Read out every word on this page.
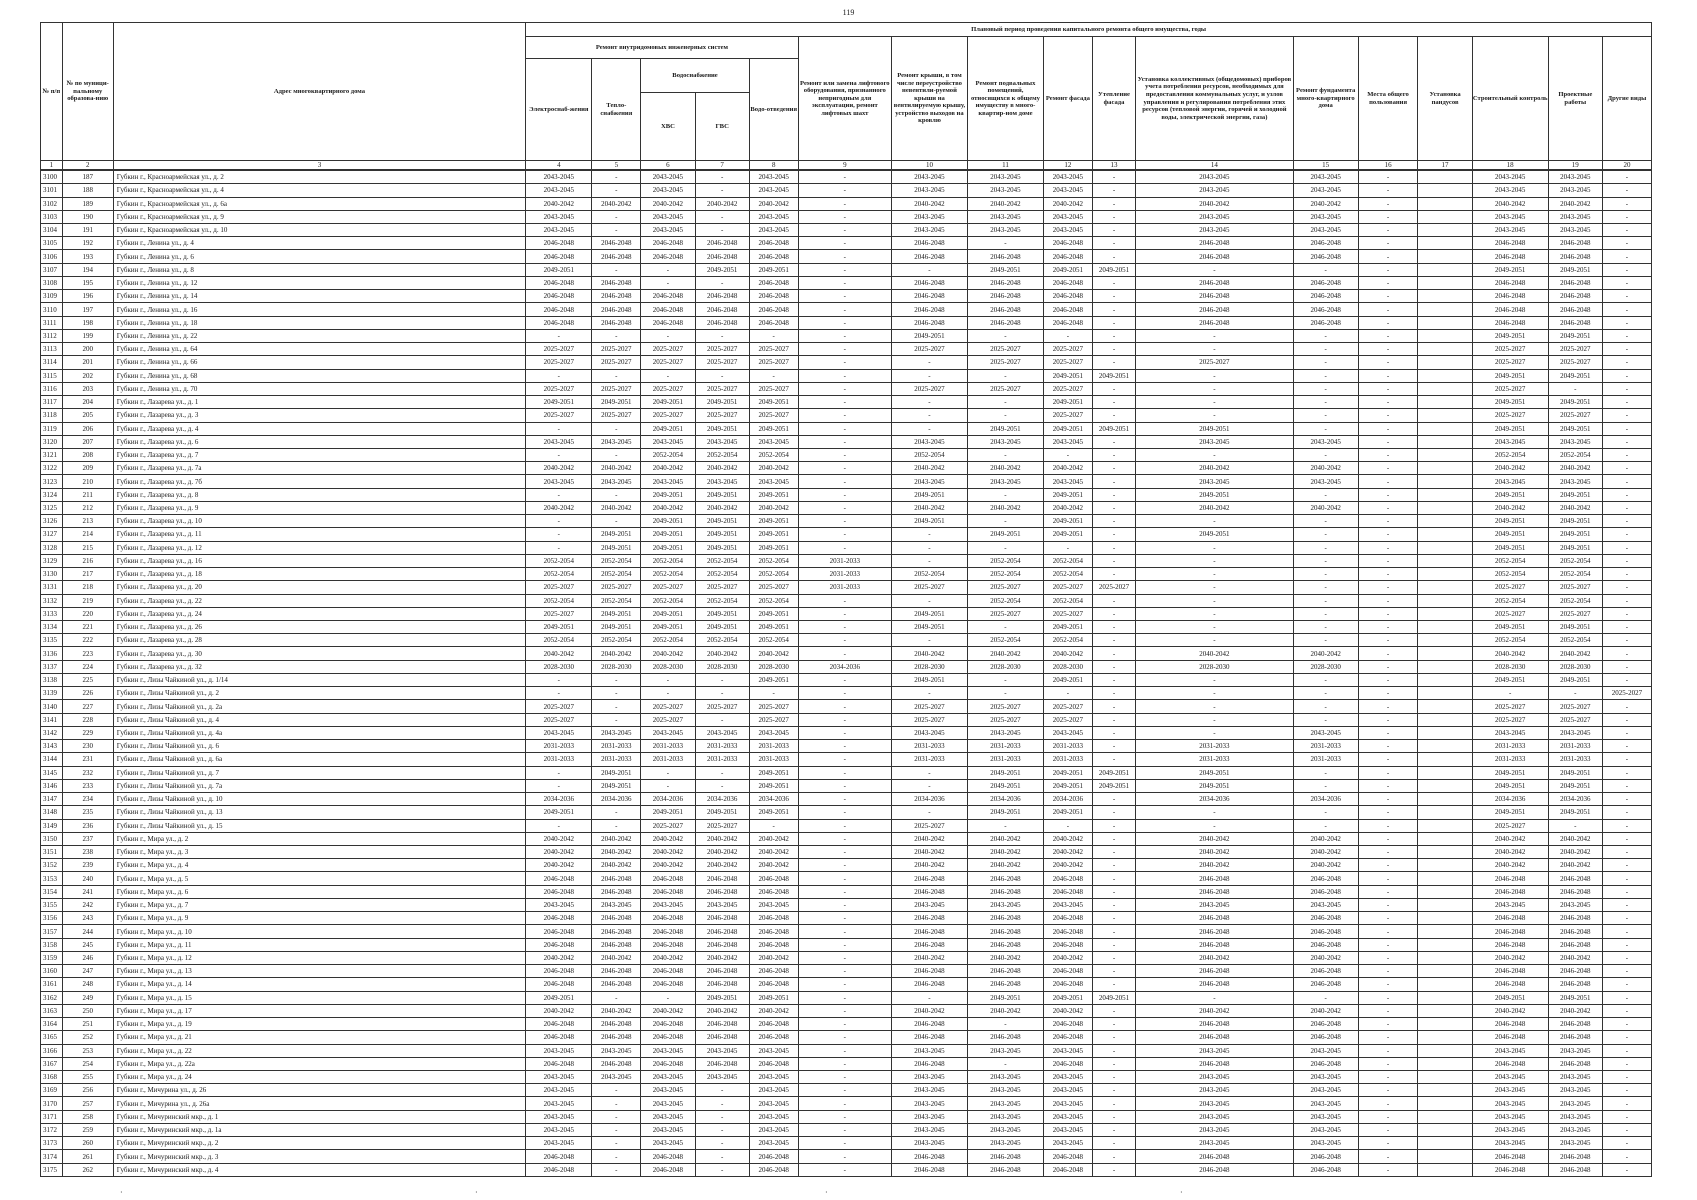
119
№ п/п	№ по муници-пальному образова-нию	Адрес многоквартирного дома	Плановый период проведения капитального ремонта общего имущества, годы																
			Ремонт внутридомовых инженерных систем					Ремонт или замена лифтового оборудования, признанного непригодным для эксплуатации, ремонт лифтовых шахт	Ремонт крыши, в том числе переустройство невентили-руемой крыши на вентилируемую крышу, устройство выходов на кровлю	Ремонт подвальных помещений, относящихся к общему имуществу в много-квартир-ном доме	Ремонт фасада	Утепление фасада	Установка коллективных (общедомовых) приборов учета потребления ресурсов, необходимых для предоставления коммунальных услуг, и узлов управления и регулирования потребления этих ресурсов (тепловой энергии, горячей и холодной воды, электрической энергии, газа)	Ремонт фундамента много-квартирного дома	Места общего пользования	Установка пандусов	Строительный контроль	Проектные работы	Другие виды
			Электроснаб-жения	Тепло-снабжения	Водоснабжение		Водо-отведения												
					ХВС	ГВС													
1	2	3	4	5	6	7	8	9	10	11	12	13	14	15	16	17	18	19	20
3100	187	Губкин г., Красноармейская ул., д. 2	2043-2045	-	2043-2045	-	2043-2045	-	2043-2045	2043-2045	2043-2045	-	2043-2045	2043-2045	-		2043-2045	2043-2045	-
3101	188	Губкин г., Красноармейская ул., д. 4	2043-2045	-	2043-2045	-	2043-2045	-	2043-2045	2043-2045	2043-2045	-	2043-2045	2043-2045	-		2043-2045	2043-2045	-
3102	189	Губкин г., Красноармейская ул., д. 6а	2040-2042	2040-2042	2040-2042	2040-2042	2040-2042	-	2040-2042	2040-2042	2040-2042	-	2040-2042	2040-2042	-		2040-2042	2040-2042	-
3103	190	Губкин г., Красноармейская ул., д. 9	2043-2045	-	2043-2045	-	2043-2045	-	2043-2045	2043-2045	2043-2045	-	2043-2045	2043-2045	-		2043-2045	2043-2045	-
3104	191	Губкин г., Красноармейская ул., д. 10	2043-2045	-	2043-2045	-	2043-2045	-	2043-2045	2043-2045	2043-2045	-	2043-2045	2043-2045	-		2043-2045	2043-2045	-
3105	192	Губкин г., Ленина ул., д. 4	2046-2048	2046-2048	2046-2048	2046-2048	2046-2048	-	2046-2048	-	2046-2048	-	2046-2048	2046-2048	-		2046-2048	2046-2048	-
3106	193	Губкин г., Ленина ул., д. 6	2046-2048	2046-2048	2046-2048	2046-2048	2046-2048	-	2046-2048	2046-2048	2046-2048	-	2046-2048	2046-2048	-		2046-2048	2046-2048	-
3107	194	Губкин г., Ленина ул., д. 8	2049-2051	-	-	2049-2051	2049-2051	-	-	2049-2051	2049-2051	2049-2051	-	-	-		2049-2051	2049-2051	-
3108	195	Губкин г., Ленина ул., д. 12	2046-2048	2046-2048	-	-	2046-2048	-	2046-2048	2046-2048	2046-2048	-	2046-2048	2046-2048	-		2046-2048	2046-2048	-
3109	196	Губкин г., Ленина ул., д. 14	2046-2048	2046-2048	2046-2048	2046-2048	2046-2048	-	2046-2048	2046-2048	2046-2048	-	2046-2048	2046-2048	-		2046-2048	2046-2048	-
3110	197	Губкин г., Ленина ул., д. 16	2046-2048	2046-2048	2046-2048	2046-2048	2046-2048	-	2046-2048	2046-2048	2046-2048	-	2046-2048	2046-2048	-		2046-2048	2046-2048	-
3111	198	Губкин г., Ленина ул., д. 18	2046-2048	2046-2048	2046-2048	2046-2048	2046-2048	-	2046-2048	2046-2048	2046-2048	-	2046-2048	2046-2048	-		2046-2048	2046-2048	-
3112	199	Губкин г., Ленина ул., д. 22	-	-	-	-	-	-	2049-2051	-	-	-	-	-	-		2049-2051	2049-2051	-
3113	200	Губкин г., Ленина ул., д. 64	2025-2027	2025-2027	2025-2027	2025-2027	2025-2027	-	2025-2027	2025-2027	2025-2027	-	-	-	-		2025-2027	2025-2027	-
3114	201	Губкин г., Ленина ул., д. 66	2025-2027	2025-2027	2025-2027	2025-2027	2025-2027	-	-	2025-2027	2025-2027	-	2025-2027	-	-		2025-2027	2025-2027	-
3115	202	Губкин г., Ленина ул., д. 68	-	-	-	-	-	-	-	-	2049-2051	2049-2051	-	-	-		2049-2051	2049-2051	-
3116	203	Губкин г., Ленина ул., д. 70	2025-2027	2025-2027	2025-2027	2025-2027	2025-2027	-	2025-2027	2025-2027	2025-2027	-	-	-	-		2025-2027	-	-
3117	204	Губкин г., Лазарева ул., д. 1	2049-2051	2049-2051	2049-2051	2049-2051	2049-2051	-	-	-	2049-2051	-	-	-	-		2049-2051	2049-2051	-
3118	205	Губкин г., Лазарева ул., д. 3	2025-2027	2025-2027	2025-2027	2025-2027	2025-2027	-	-	-	2025-2027	-	-	-	-		2025-2027	2025-2027	-
3119	206	Губкин г., Лазарева ул., д. 4	-	-	2049-2051	2049-2051	2049-2051	-	-	2049-2051	2049-2051	2049-2051	2049-2051	-	-		2049-2051	2049-2051	-
3120	207	Губкин г., Лазарева ул., д. 6	2043-2045	2043-2045	2043-2045	2043-2045	2043-2045	-	2043-2045	2043-2045	2043-2045	-	2043-2045	2043-2045	-		2043-2045	2043-2045	-
3121	208	Губкин г., Лазарева ул., д. 7	-	-	2052-2054	2052-2054	2052-2054	-	2052-2054	-	-	-	-	-	-		2052-2054	2052-2054	-
3122	209	Губкин г., Лазарева ул., д. 7а	2040-2042	2040-2042	2040-2042	2040-2042	2040-2042	-	2040-2042	2040-2042	2040-2042	-	2040-2042	2040-2042	-		2040-2042	2040-2042	-
3123	210	Губкин г., Лазарева ул., д. 7б	2043-2045	2043-2045	2043-2045	2043-2045	2043-2045	-	2043-2045	2043-2045	2043-2045	-	2043-2045	2043-2045	-		2043-2045	2043-2045	-
3124	211	Губкин г., Лазарева ул., д. 8	-	-	2049-2051	2049-2051	2049-2051	-	2049-2051	-	2049-2051	-	2049-2051	-	-		2049-2051	2049-2051	-
3125	212	Губкин г., Лазарева ул., д. 9	2040-2042	2040-2042	2040-2042	2040-2042	2040-2042	-	2040-2042	2040-2042	2040-2042	-	2040-2042	2040-2042	-		2040-2042	2040-2042	-
3126	213	Губкин г., Лазарева ул., д. 10	-	-	2049-2051	2049-2051	2049-2051	-	2049-2051	-	2049-2051	-	-	-	-		2049-2051	2049-2051	-
3127	214	Губкин г., Лазарева ул., д. 11	-	2049-2051	2049-2051	2049-2051	2049-2051	-	-	2049-2051	2049-2051	-	2049-2051	-	-		2049-2051	2049-2051	-
3128	215	Губкин г., Лазарева ул., д. 12	-	2049-2051	2049-2051	2049-2051	2049-2051	-	-	-	-	-	-	-	-		2049-2051	2049-2051	-
3129	216	Губкин г., Лазарева ул., д. 16	2052-2054	2052-2054	2052-2054	2052-2054	2052-2054	2031-2033	-	2052-2054	2052-2054	-	-	-	-		2052-2054	2052-2054	-
3130	217	Губкин г., Лазарева ул., д. 18	2052-2054	2052-2054	2052-2054	2052-2054	2052-2054	2031-2033	2052-2054	2052-2054	2052-2054	-	-	-	-		2052-2054	2052-2054	-
3131	218	Губкин г., Лазарева ул., д. 20	2025-2027	2025-2027	2025-2027	2025-2027	2025-2027	2031-2033	2025-2027	2025-2027	2025-2027	2025-2027	-	-	-		2025-2027	2025-2027	-
3132	219	Губкин г., Лазарева ул., д. 22	2052-2054	2052-2054	2052-2054	2052-2054	2052-2054	-	-	2052-2054	2052-2054	-	-	-	-		2052-2054	2052-2054	-
3133	220	Губкин г., Лазарева ул., д. 24	2025-2027	2049-2051	2049-2051	2049-2051	2049-2051	-	2049-2051	2025-2027	2025-2027	-	-	-	-		2025-2027	2025-2027	-
3134	221	Губкин г., Лазарева ул., д. 26	2049-2051	2049-2051	2049-2051	2049-2051	2049-2051	-	2049-2051	-	2049-2051	-	-	-	-		2049-2051	2049-2051	-
3135	222	Губкин г., Лазарева ул., д. 28	2052-2054	2052-2054	2052-2054	2052-2054	2052-2054	-	-	2052-2054	2052-2054	-	-	-	-		2052-2054	2052-2054	-
3136	223	Губкин г., Лазарева ул., д. 30	2040-2042	2040-2042	2040-2042	2040-2042	2040-2042	-	2040-2042	2040-2042	2040-2042	-	2040-2042	2040-2042	-		2040-2042	2040-2042	-
3137	224	Губкин г., Лазарева ул., д. 32	2028-2030	2028-2030	2028-2030	2028-2030	2028-2030	2034-2036	2028-2030	2028-2030	2028-2030	-	2028-2030	2028-2030	-		2028-2030	2028-2030	-
3138	225	Губкин г., Лизы Чайкиной ул., д. 1/14	-	-	-	-	2049-2051	-	2049-2051	-	2049-2051	-	-	-	-		2049-2051	2049-2051	-
3139	226	Губкин г., Лизы Чайкиной ул., д. 2	-	-	-	-	-	-	-	-	-	-	-	-	-		-	-	2025-2027
3140	227	Губкин г., Лизы Чайкиной ул., д. 2а	2025-2027	-	2025-2027	2025-2027	2025-2027	-	2025-2027	2025-2027	2025-2027	-	-	-	-		2025-2027	2025-2027	-
3141	228	Губкин г., Лизы Чайкиной ул., д. 4	2025-2027	-	2025-2027	-	2025-2027	-	2025-2027	2025-2027	2025-2027	-	-	-	-		2025-2027	2025-2027	-
3142	229	Губкин г., Лизы Чайкиной ул., д. 4а	2043-2045	2043-2045	2043-2045	2043-2045	2043-2045	-	2043-2045	2043-2045	2043-2045	-	-	2043-2045	-		2043-2045	2043-2045	-
3143	230	Губкин г., Лизы Чайкиной ул., д. 6	2031-2033	2031-2033	2031-2033	2031-2033	2031-2033	-	2031-2033	2031-2033	2031-2033	-	2031-2033	2031-2033	-		2031-2033	2031-2033	-
3144	231	Губкин г., Лизы Чайкиной ул., д. 6а	2031-2033	2031-2033	2031-2033	2031-2033	2031-2033	-	2031-2033	2031-2033	2031-2033	-	2031-2033	2031-2033	-		2031-2033	2031-2033	-
3145	232	Губкин г., Лизы Чайкиной ул., д. 7	-	2049-2051	-	-	2049-2051	-	-	2049-2051	2049-2051	2049-2051	2049-2051	-	-		2049-2051	2049-2051	-
3146	233	Губкин г., Лизы Чайкиной ул., д. 7а	-	2049-2051	-	-	2049-2051	-	-	2049-2051	2049-2051	2049-2051	2049-2051	-	-		2049-2051	2049-2051	-
3147	234	Губкин г., Лизы Чайкиной ул., д. 10	2034-2036	2034-2036	2034-2036	2034-2036	2034-2036	-	2034-2036	2034-2036	2034-2036	-	2034-2036	2034-2036	-		2034-2036	2034-2036	-
3148	235	Губкин г., Лизы Чайкиной ул., д. 13	2049-2051	-	2049-2051	2049-2051	2049-2051	-	-	2049-2051	2049-2051	-	-	-	-		2049-2051	2049-2051	-
3149	236	Губкин г., Лизы Чайкиной ул., д. 15	-	-	2025-2027	2025-2027	-	-	2025-2027	-	-	-	-	-	-		2025-2027	-	-
3150	237	Губкин г., Мира ул., д. 2	2040-2042	2040-2042	2040-2042	2040-2042	2040-2042	-	2040-2042	2040-2042	2040-2042	-	2040-2042	2040-2042	-		2040-2042	2040-2042	-
3151	238	Губкин г., Мира ул., д. 3	2040-2042	2040-2042	2040-2042	2040-2042	2040-2042	-	2040-2042	2040-2042	2040-2042	-	2040-2042	2040-2042	-		2040-2042	2040-2042	-
3152	239	Губкин г., Мира ул., д. 4	2040-2042	2040-2042	2040-2042	2040-2042	2040-2042	-	2040-2042	2040-2042	2040-2042	-	2040-2042	2040-2042	-		2040-2042	2040-2042	-
3153	240	Губкин г., Мира ул., д. 5	2046-2048	2046-2048	2046-2048	2046-2048	2046-2048	-	2046-2048	2046-2048	2046-2048	-	2046-2048	2046-2048	-		2046-2048	2046-2048	-
3154	241	Губкин г., Мира ул., д. 6	2046-2048	2046-2048	2046-2048	2046-2048	2046-2048	-	2046-2048	2046-2048	2046-2048	-	2046-2048	2046-2048	-		2046-2048	2046-2048	-
3155	242	Губкин г., Мира ул., д. 7	2043-2045	2043-2045	2043-2045	2043-2045	2043-2045	-	2043-2045	2043-2045	2043-2045	-	2043-2045	2043-2045	-		2043-2045	2043-2045	-
3156	243	Губкин г., Мира ул., д. 9	2046-2048	2046-2048	2046-2048	2046-2048	2046-2048	-	2046-2048	2046-2048	2046-2048	-	2046-2048	2046-2048	-		2046-2048	2046-2048	-
3157	244	Губкин г., Мира ул., д. 10	2046-2048	2046-2048	2046-2048	2046-2048	2046-2048	-	2046-2048	2046-2048	2046-2048	-	2046-2048	2046-2048	-		2046-2048	2046-2048	-
3158	245	Губкин г., Мира ул., д. 11	2046-2048	2046-2048	2046-2048	2046-2048	2046-2048	-	2046-2048	2046-2048	2046-2048	-	2046-2048	2046-2048	-		2046-2048	2046-2048	-
3159	246	Губкин г., Мира ул., д. 12	2040-2042	2040-2042	2040-2042	2040-2042	2040-2042	-	2040-2042	2040-2042	2040-2042	-	2040-2042	2040-2042	-		2040-2042	2040-2042	-
3160	247	Губкин г., Мира ул., д. 13	2046-2048	2046-2048	2046-2048	2046-2048	2046-2048	-	2046-2048	2046-2048	2046-2048	-	2046-2048	2046-2048	-		2046-2048	2046-2048	-
3161	248	Губкин г., Мира ул., д. 14	2046-2048	2046-2048	2046-2048	2046-2048	2046-2048	-	2046-2048	2046-2048	2046-2048	-	2046-2048	2046-2048	-		2046-2048	2046-2048	-
3162	249	Губкин г., Мира ул., д. 15	2049-2051	-	-	2049-2051	2049-2051	-	-	2049-2051	2049-2051	2049-2051	-	-	-		2049-2051	2049-2051	-
3163	250	Губкин г., Мира ул., д. 17	2040-2042	2040-2042	2040-2042	2040-2042	2040-2042	-	2040-2042	2040-2042	2040-2042	-	2040-2042	2040-2042	-		2040-2042	2040-2042	-
3164	251	Губкин г., Мира ул., д. 19	2046-2048	2046-2048	2046-2048	2046-2048	2046-2048	-	2046-2048	-	2046-2048	-	2046-2048	2046-2048	-		2046-2048	2046-2048	-
3165	252	Губкин г., Мира ул., д. 21	2046-2048	2046-2048	2046-2048	2046-2048	2046-2048	-	2046-2048	2046-2048	2046-2048	-	2046-2048	2046-2048	-		2046-2048	2046-2048	-
3166	253	Губкин г., Мира ул., д. 22	2043-2045	2043-2045	2043-2045	2043-2045	2043-2045	-	2043-2045	2043-2045	2043-2045	-	2043-2045	2043-2045	-		2043-2045	2043-2045	-
3167	254	Губкин г., Мира ул., д. 22а	2046-2048	2046-2048	2046-2048	2046-2048	2046-2048	-	2046-2048	-	2046-2048	-	2046-2048	2046-2048	-		2046-2048	2046-2048	-
3168	255	Губкин г., Мира ул., д. 24	2043-2045	2043-2045	2043-2045	2043-2045	2043-2045	-	2043-2045	2043-2045	2043-2045	-	2043-2045	2043-2045	-		2043-2045	2043-2045	-
3169	256	Губкин г., Мичурина ул., д. 26	2043-2045	-	2043-2045	-	2043-2045	-	2043-2045	2043-2045	2043-2045	-	2043-2045	2043-2045	-		2043-2045	2043-2045	-
3170	257	Губкин г., Мичурина ул., д. 26а	2043-2045	-	2043-2045	-	2043-2045	-	2043-2045	2043-2045	2043-2045	-	2043-2045	2043-2045	-		2043-2045	2043-2045	-
3171	258	Губкин г., Мичуринский мкр., д. 1	2043-2045	-	2043-2045	-	2043-2045	-	2043-2045	2043-2045	2043-2045	-	2043-2045	2043-2045	-		2043-2045	2043-2045	-
3172	259	Губкин г., Мичуринский мкр., д. 1а	2043-2045	-	2043-2045	-	2043-2045	-	2043-2045	2043-2045	2043-2045	-	2043-2045	2043-2045	-		2043-2045	2043-2045	-
3173	260	Губкин г., Мичуринский мкр., д. 2	2043-2045	-	2043-2045	-	2043-2045	-	2043-2045	2043-2045	2043-2045	-	2043-2045	2043-2045	-		2043-2045	2043-2045	-
3174	261	Губкин г., Мичуринский мкр., д. 3	2046-2048	-	2046-2048	-	2046-2048	-	2046-2048	2046-2048	2046-2048	-	2046-2048	2046-2048	-		2046-2048	2046-2048	-
3175	262	Губкин г., Мичуринский мкр., д. 4	2046-2048	-	2046-2048	-	2046-2048	-	2046-2048	2046-2048	2046-2048	-	2046-2048	2046-2048	-		2046-2048	2046-2048	-
·	·	·	·
